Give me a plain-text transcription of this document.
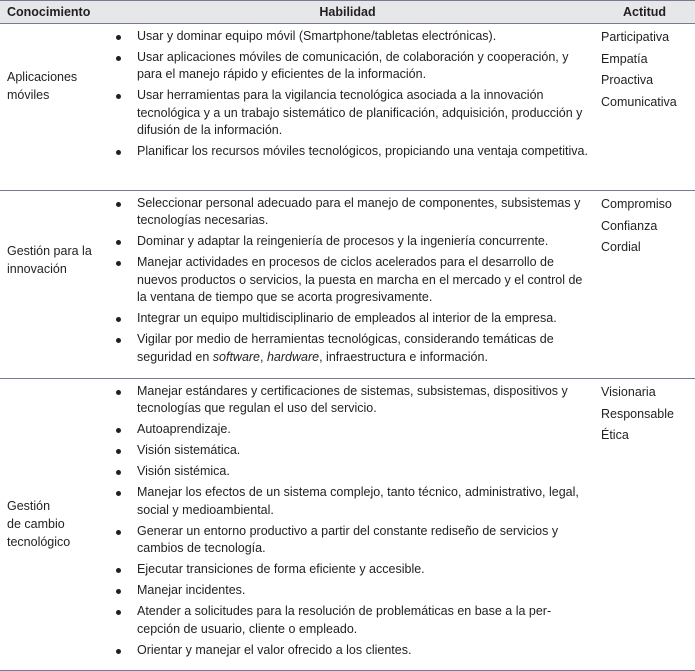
Conocimiento	Habilidad	Actitud
Aplicaciones
móviles
Usar y dominar equipo móvil (Smartphone/tabletas electrónicas).
Usar aplicaciones móviles de comunicación, de colaboración y cooperación, y para el manejo rápido y eficientes de la información.
Usar herramientas para la vigilancia tecnológica asociada a la innovación tecnológica y a un trabajo sistemático de planificación, adquisición, producción y difusión de la información.
Planificar los recursos móviles tecnológicos, propiciando una ventaja competitiva.
Participativa
Empatía
Proactiva
Comunicativa
Gestión para la
innovación
Seleccionar personal adecuado para el manejo de componentes, subsistemas y tecnologías necesarias.
Dominar y adaptar la reingeniería de procesos y la ingeniería concurrente.
Manejar actividades en procesos de ciclos acelerados para el desarrollo de nuevos productos o servicios, la puesta en marcha en el mercado y el control de la ventana de tiempo que se acorta progresivamente.
Integrar un equipo multidisciplinario de empleados al interior de la empresa.
Vigilar por medio de herramientas tecnológicas, considerando temáticas de seguridad en software, hardware, infraestructura e información.
Compromiso
Confianza
Cordial
Gestión
de cambio
tecnológico
Manejar estándares y certificaciones de sistemas, subsistemas, dispositivos y tecnologías que regulan el uso del servicio.
Autoaprendizaje.
Visión sistemática.
Visión sistémica.
Manejar los efectos de un sistema complejo, tanto técnico, administrativo, legal, social y medioambiental.
Generar un entorno productivo a partir del constante rediseño de servicios y cambios de tecnología.
Ejecutar transiciones de forma eficiente y accesible.
Manejar incidentes.
Atender a solicitudes para la resolución de problemáticas en base a la per-cepción de usuario, cliente o empleado.
Orientar y manejar el valor ofrecido a los clientes.
Visionaria
Responsable
Ética
